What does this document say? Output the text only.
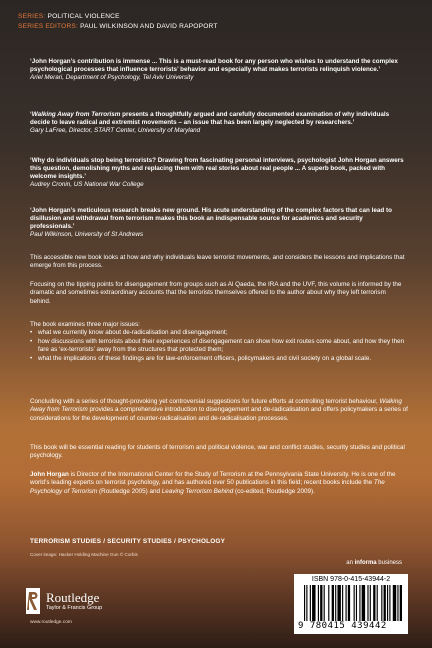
SERIES: POLITICAL VIOLENCE
SERIES EDITORS: PAUL WILKINSON AND DAVID RAPOPORT

‘John Horgan’s contribution is immense ... This is a must-read book for any person who wishes to understand the complex psychological processes that influence terrorists’ behavior and especially what makes terrorists relinquish violence.’

Ariel Merari, Department of Psychology, Tel Aviv University

‘Walking Away from Terrorism presents a thoughtfully argued and carefully documented examination of why individuals decide to leave radical and extremist movements – an issue that has been largely neglected by researchers.’

Gary LaFree, Director, START Center, University of Maryland

‘Why do individuals stop being terrorists? Drawing from fascinating personal interviews, psychologist John Horgan answers this question, demolishing myths and replacing them with real stories about real people ... A superb book, packed with welcome insights.’

Audrey Cronin, US National War College

‘John Horgan’s meticulous research breaks new ground. His acute understanding of the complex factors that can lead to disillusion and withdrawal from terrorism makes this book an indispensable source for academics and security professionals.’

Paul Wilkinson, University of St Andrews

This accessible new book looks at how and why individuals leave terrorist movements, and considers the lessons and implications that emerge from this process.

Focusing on the tipping points for disengagement from groups such as Al Qaeda, the IRA and the UVF, this volume is informed by the dramatic and sometimes extraordinary accounts that the terrorists themselves offered to the author about why they left terrorism behind.

The book examines three major issues:

• what we currently know about de-radicalisation and disengagement;
• how discussions with terrorists about their experiences of disengagement can show how exit routes come about, and how they then fare as ‘ex-terrorists’ away from the structures that protected them;
• what the implications of these findings are for law-enforcement officers, policymakers and civil society on a global scale.

Concluding with a series of thought-provoking yet controversial suggestions for future efforts at controlling terrorist behaviour, Walking Away from Terrorism provides a comprehensive introduction to disengagement and de-radicalisation and offers policymakers a series of considerations for the development of counter-radicalisation and de-radicalisation processes.

This book will be essential reading for students of terrorism and political violence, war and conflict studies, security studies and political psychology.

John Horgan is Director of the International Center for the Study of Terrorism at the Pennsylvania State University. He is one of the world’s leading experts on terrorist psychology, and has authored over 50 publications in this field; recent books include the The Psychology of Terrorism (Routledge 2005) and Leaving Terrorism Behind (co-edited, Routledge 2009).

TERRORISM STUDIES / SECURITY STUDIES / PSYCHOLOGY
Cover image: Hacker Holding Machine Gun © Corbis
an informa business
Routledge
Taylor & Francis Group
www.routledge.com
ISBN 978-0-415-43944-2
9 780415 439442
